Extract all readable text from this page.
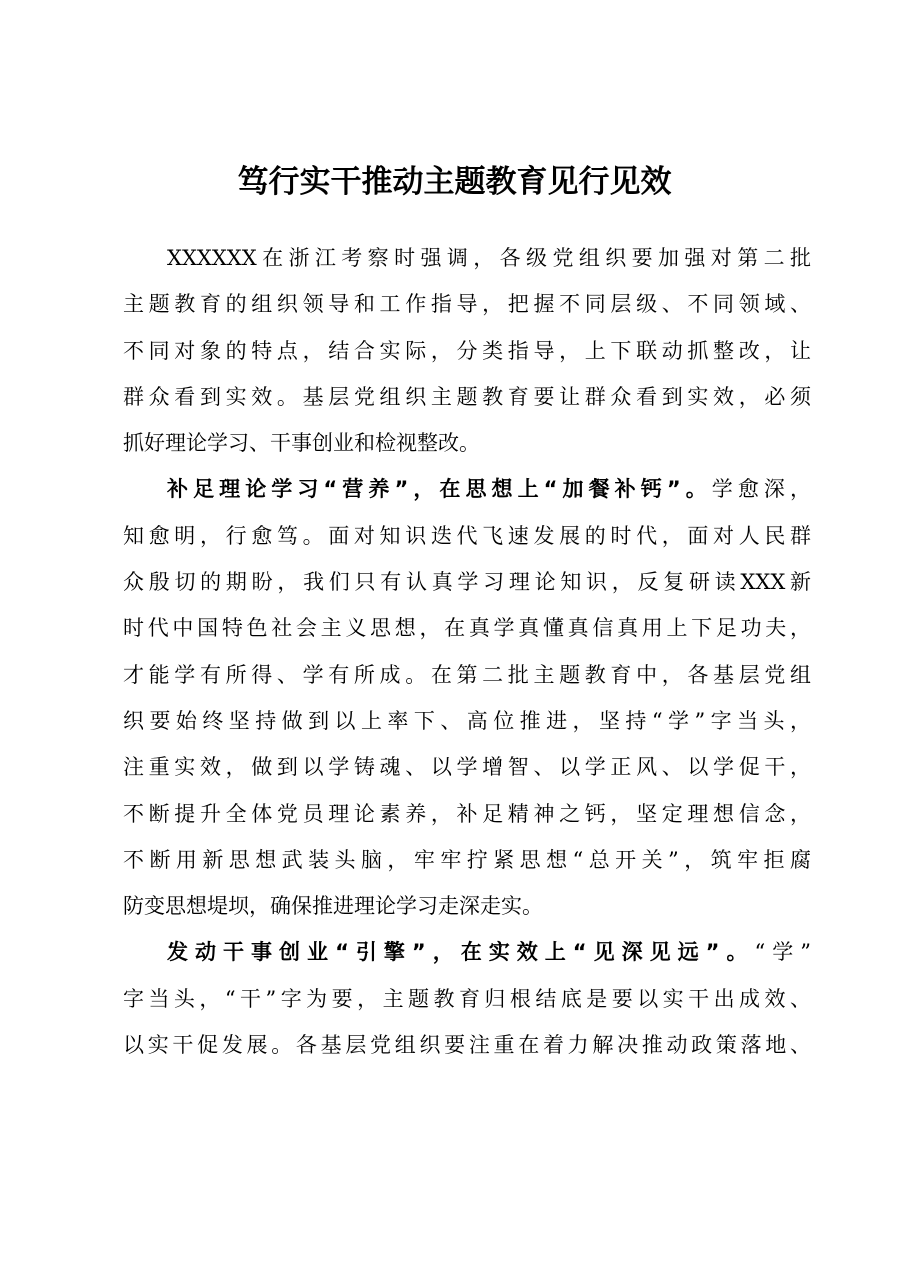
笃行实干推动主题教育见行见效
XXXXXX在浙江考察时强调，各级党组织要加强对第二批
主题教育的组织领导和工作指导，把握不同层级、不同领域、
不同对象的特点，结合实际，分类指导，上下联动抓整改，让
群众看到实效。基层党组织主题教育要让群众看到实效，必须
抓好理论学习、干事创业和检视整改。
补足理论学习“营养”，在思想上“加餐补钙”。学愈深，
知愈明，行愈笃。面对知识迭代飞速发展的时代，面对人民群
众殷切的期盼，我们只有认真学习理论知识，反复研读XXX新
时代中国特色社会主义思想，在真学真懂真信真用上下足功夫，
才能学有所得、学有所成。在第二批主题教育中，各基层党组
织要始终坚持做到以上率下、高位推进，坚持“学”字当头，
注重实效，做到以学铸魂、以学增智、以学正风、以学促干，
不断提升全体党员理论素养，补足精神之钙，坚定理想信念，
不断用新思想武装头脑，牢牢拧紧思想“总开关”，筑牢拒腐
防变思想堤坝，确保推进理论学习走深走实。
发动干事创业“引擎”，在实效上“见深见远”。“学”
字当头，“干”字为要，主题教育归根结底是要以实干出成效、
以实干促发展。各基层党组织要注重在着力解决推动政策落地、
